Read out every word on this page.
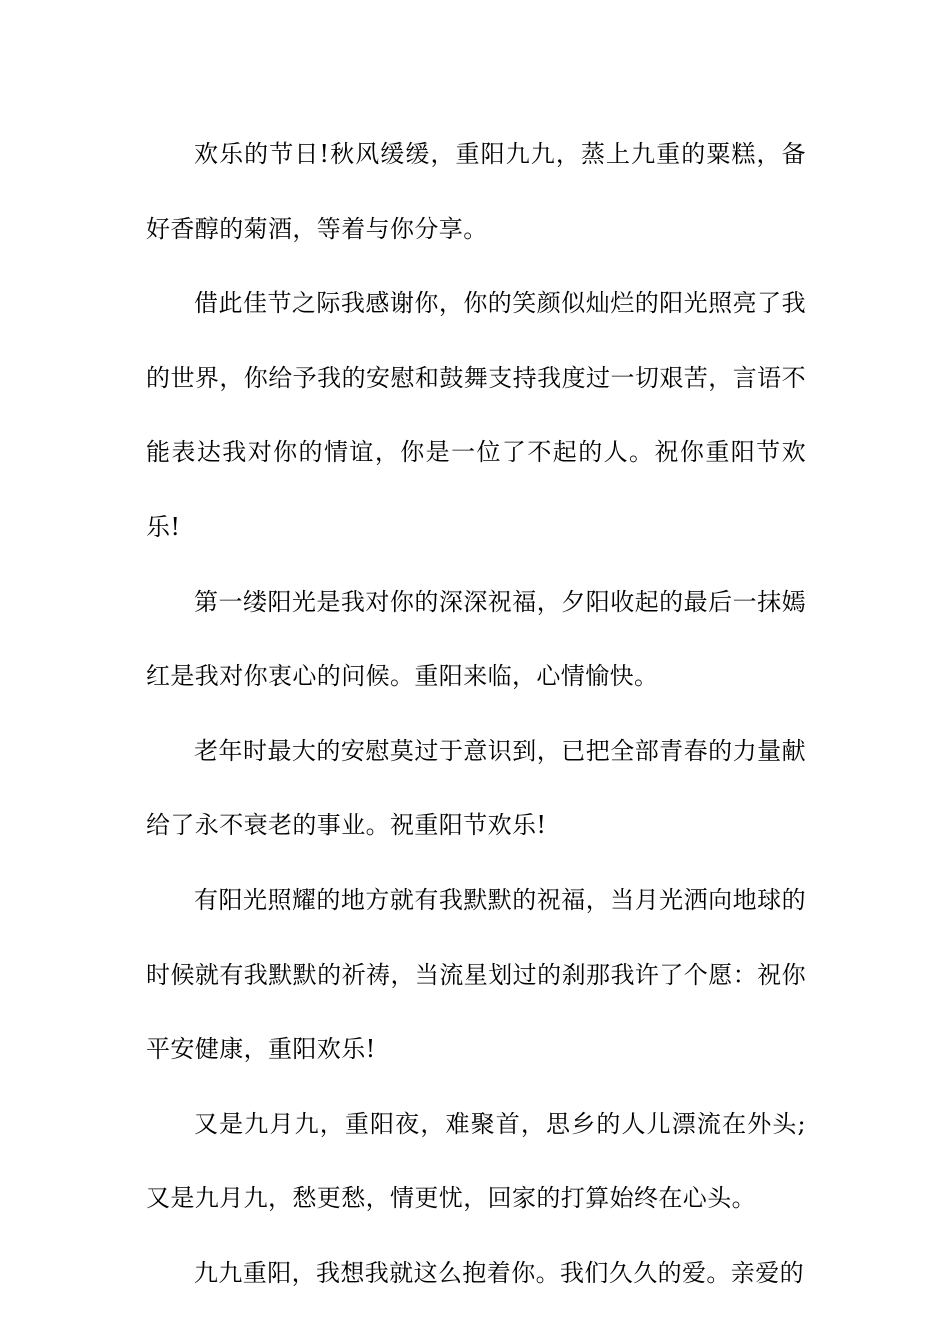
欢乐的节日!秋风缓缓，重阳九九，蒸上九重的粟糕，备好香醇的菊酒，等着与你分享。

借此佳节之际我感谢你，你的笑颜似灿烂的阳光照亮了我的世界，你给予我的安慰和鼓舞支持我度过一切艰苦，言语不能表达我对你的情谊，你是一位了不起的人。祝你重阳节欢乐!

第一缕阳光是我对你的深深祝福，夕阳收起的最后一抹嫣红是我对你衷心的问候。重阳来临，心情愉快。

老年时最大的安慰莫过于意识到，已把全部青春的力量献给了永不衰老的事业。祝重阳节欢乐!

有阳光照耀的地方就有我默默的祝福，当月光洒向地球的时候就有我默默的祈祷，当流星划过的刹那我许了个愿：祝你平安健康，重阳欢乐!

又是九月九，重阳夜，难聚首，思乡的人儿漂流在外头;又是九月九，愁更愁，情更忧，回家的打算始终在心头。

九九重阳，我想我就这么抱着你。我们久久的爱。亲爱的
